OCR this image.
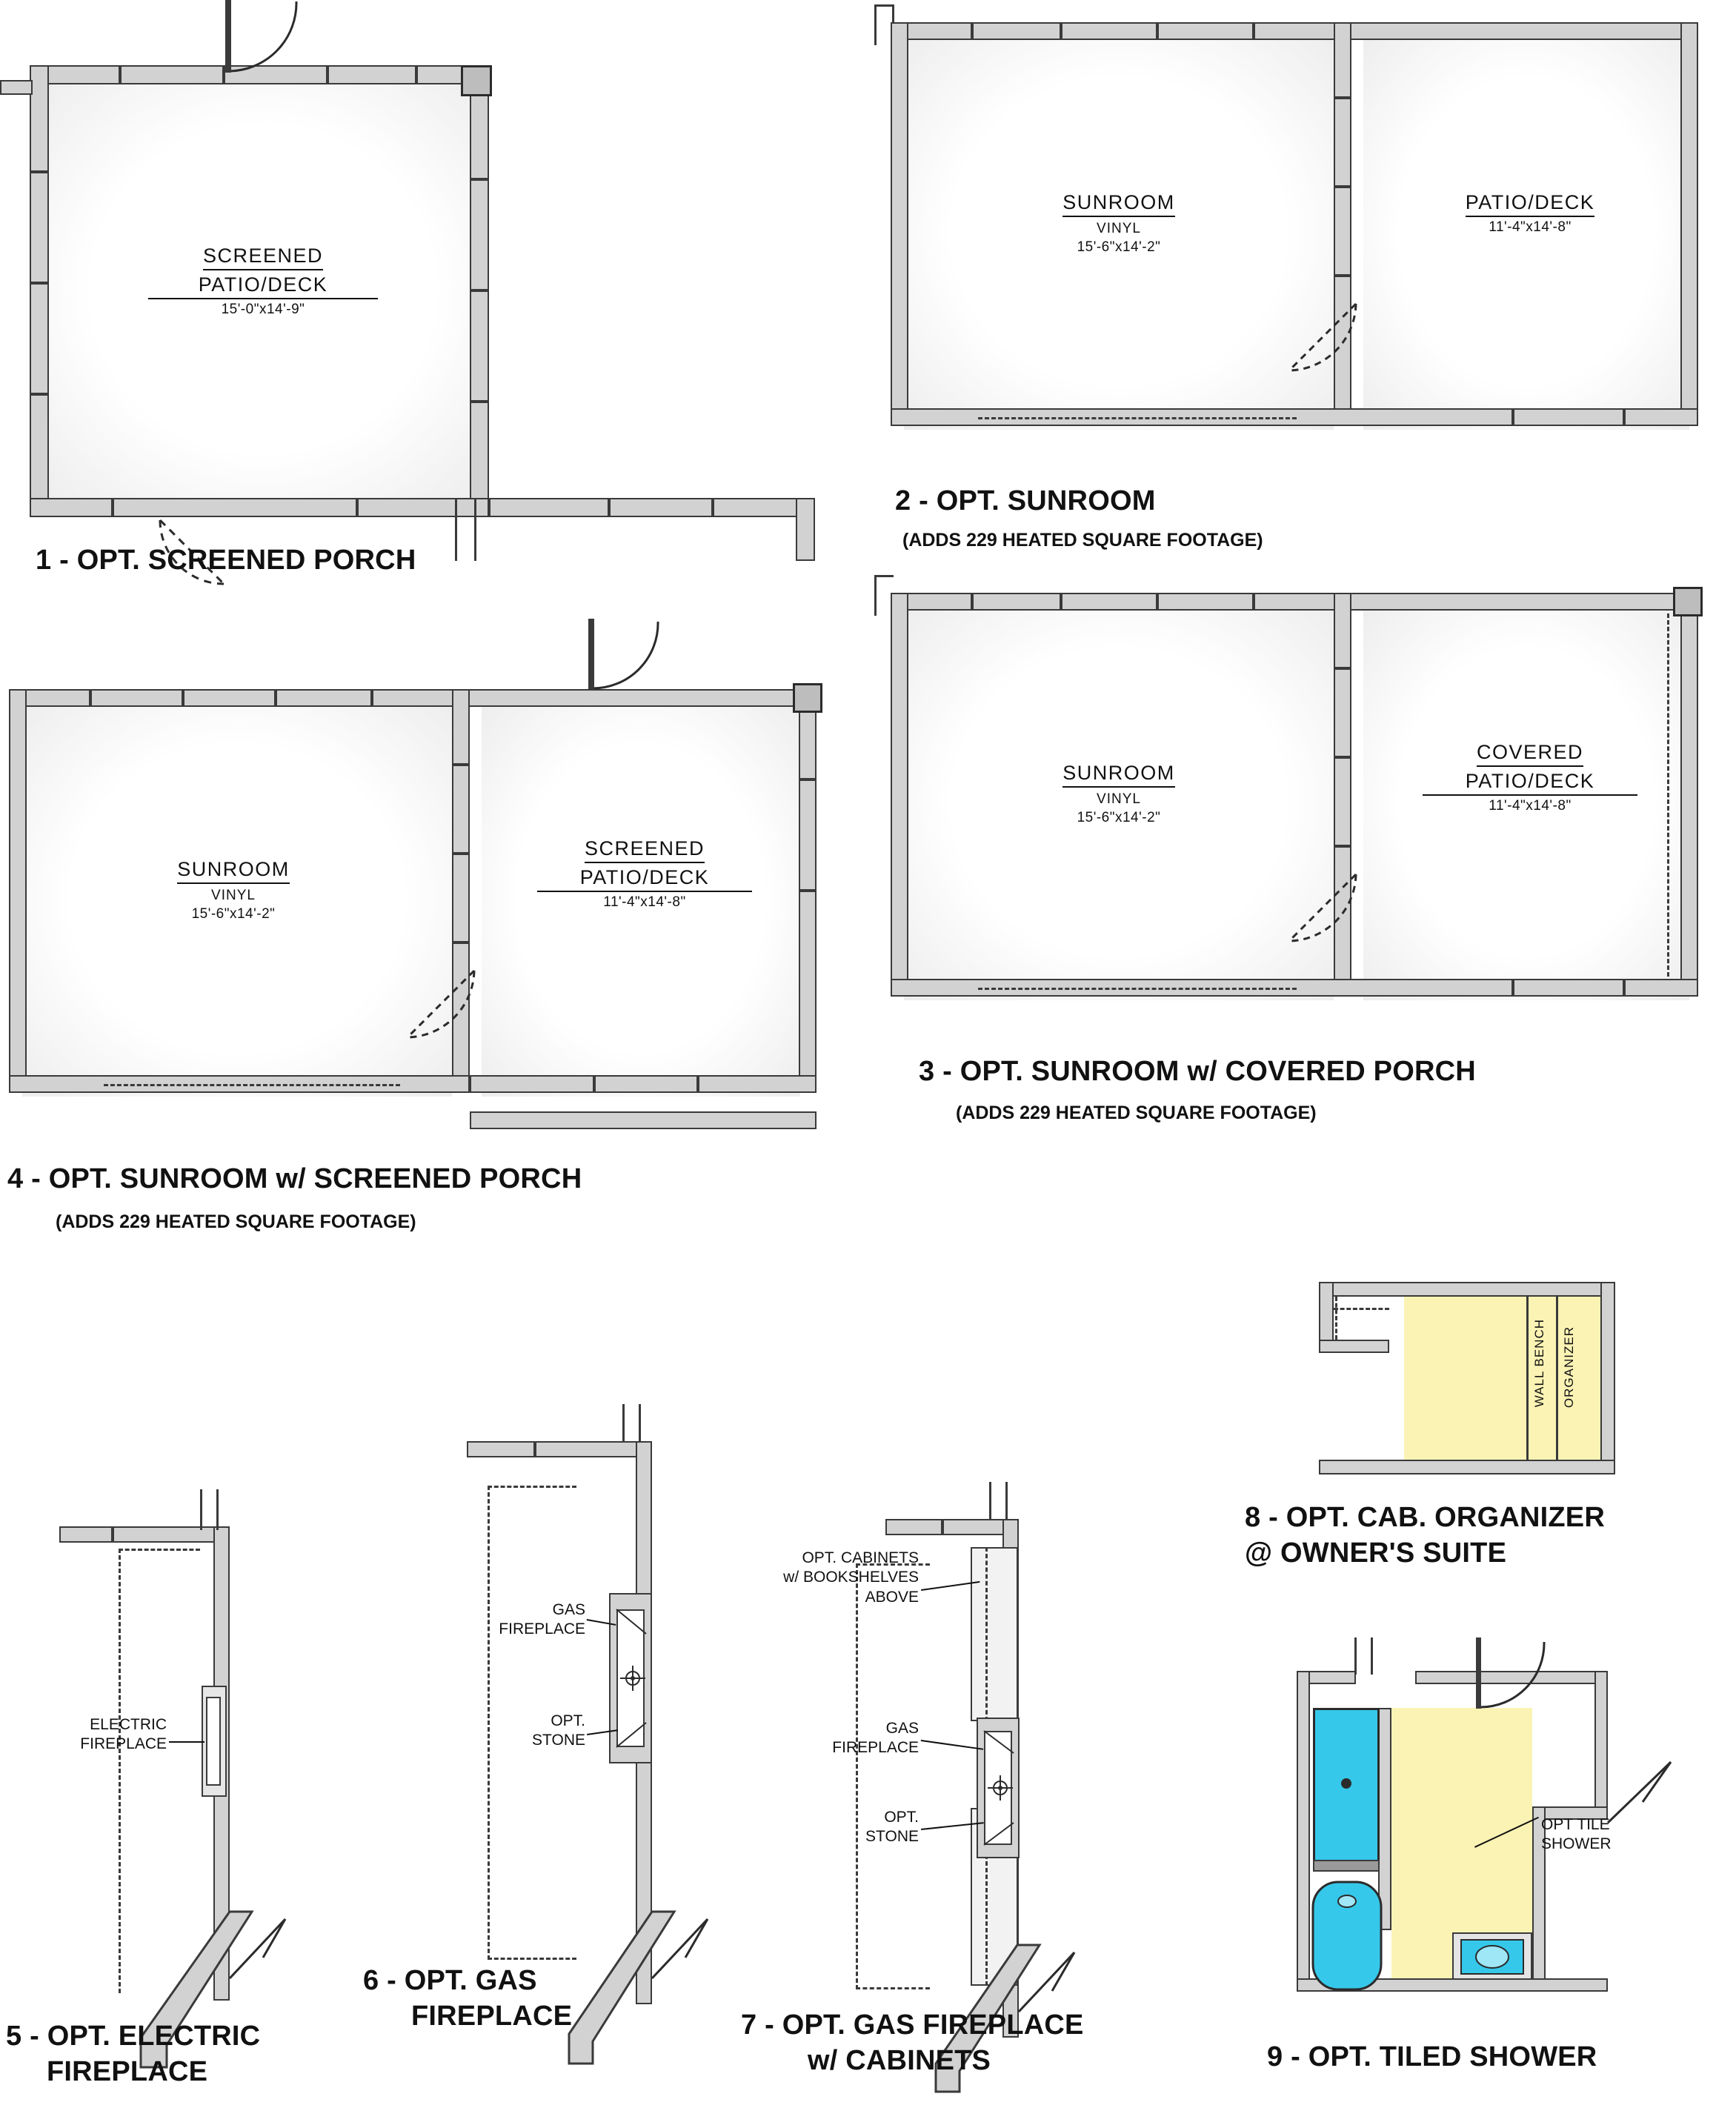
SCREENED
PATIO/DECK
15'-0"x14'-9"
1 - OPT. SCREENED PORCH
SUNROOM
VINYL
15'-6"x14'-2"
PATIO/DECK
11'-4"x14'-8"
2 - OPT. SUNROOM
(ADDS 229 HEATED SQUARE FOOTAGE)
SUNROOM
VINYL
15'-6"x14'-2"
COVERED
PATIO/DECK
11'-4"x14'-8"
3 - OPT. SUNROOM w/ COVERED PORCH
(ADDS 229 HEATED SQUARE FOOTAGE)
SUNROOM
VINYL
15'-6"x14'-2"
SCREENED
PATIO/DECK
11'-4"x14'-8"
4 - OPT. SUNROOM w/ SCREENED PORCH
(ADDS 229 HEATED SQUARE FOOTAGE)
ELECTRIC
FIREPLACE
5 - OPT. ELECTRIC
FIREPLACE
GAS
FIREPLACE
OPT.
STONE
6 - OPT. GAS
FIREPLACE
OPT. CABINETS
w/ BOOKSHELVES
ABOVE
GAS
FIREPLACE
OPT.
STONE
7 - OPT. GAS FIREPLACE
w/ CABINETS
WALL BENCH ORGANIZER
8 - OPT. CAB. ORGANIZER
@ OWNER'S SUITE
OPT TILE
SHOWER
9 - OPT. TILED SHOWER
